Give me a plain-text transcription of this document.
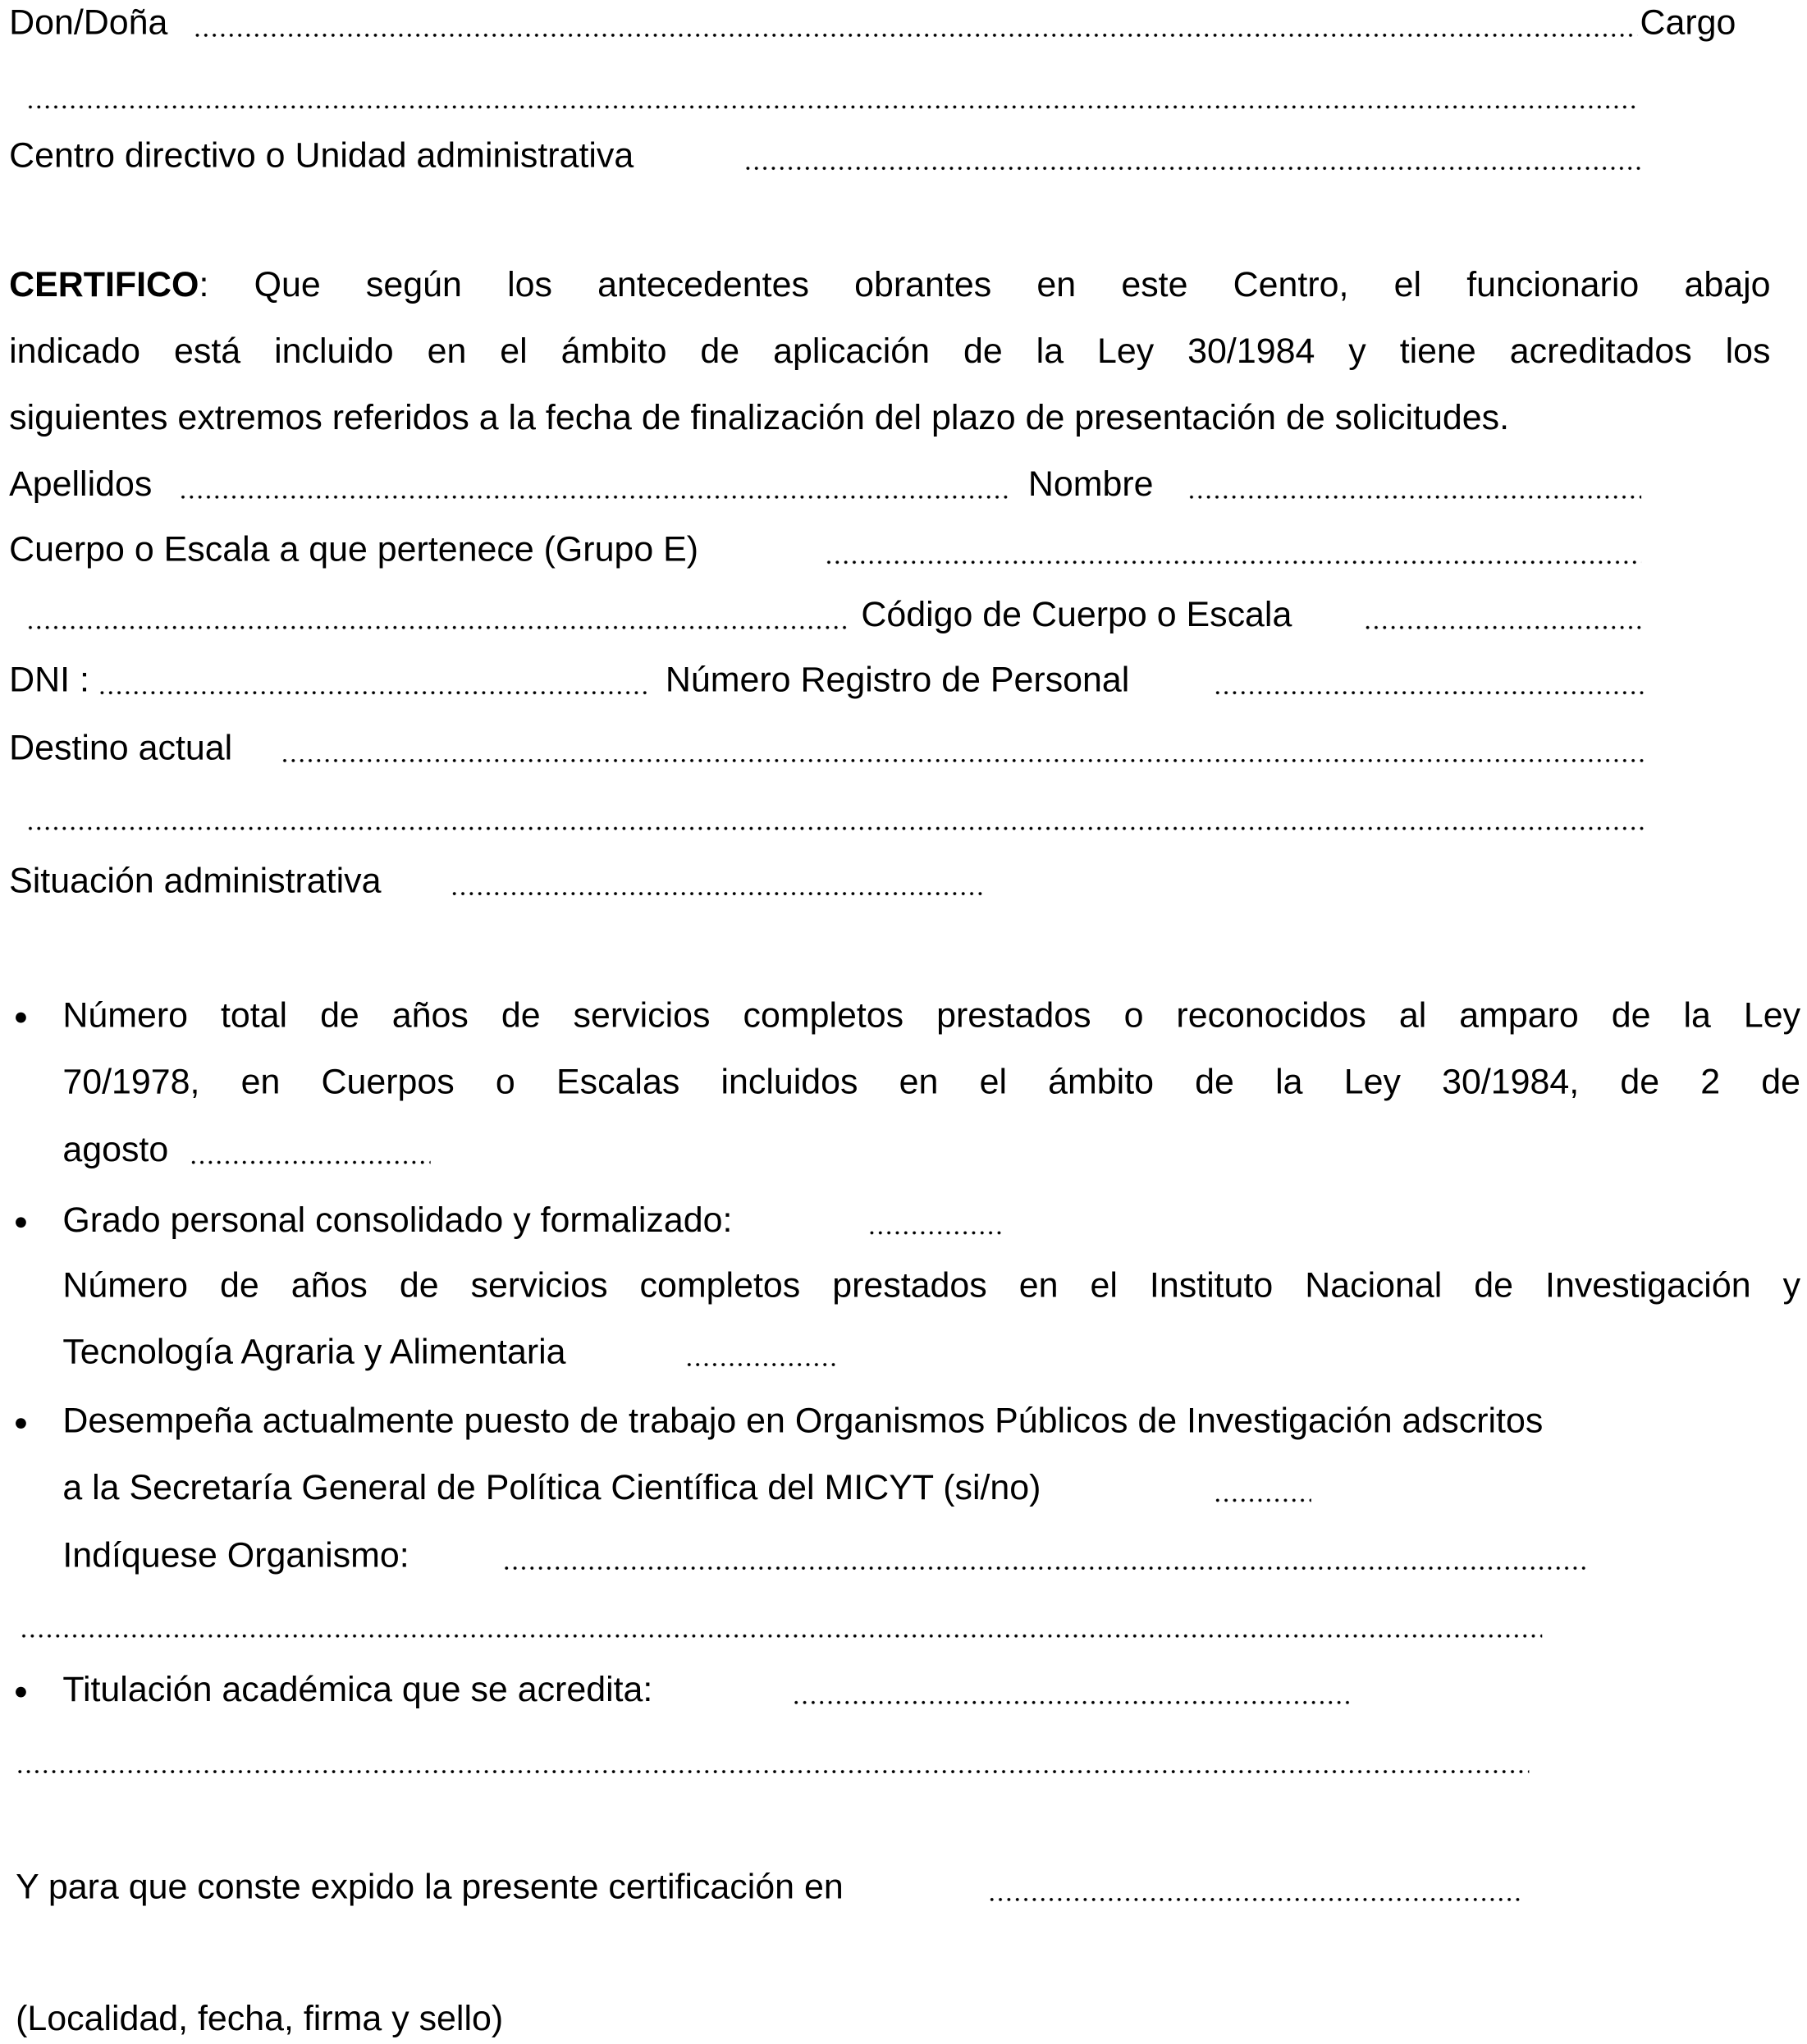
Don/Doña	Cargo
Centro directivo o Unidad administrativa
CERTIFICO: Que según los antecedentes obrantes en este Centro, el funcionario abajo
indicado está incluido en el ámbito de aplicación de la Ley 30/1984 y tiene acreditados los
siguientes extremos referidos a la fecha de finalización del plazo de presentación de solicitudes.
Apellidos	Nombre
Cuerpo o Escala a que pertenece (Grupo E)
Código de Cuerpo o Escala
DNI :	Número Registro de Personal
Destino actual
Situación administrativa
Número total de años de servicios completos prestados o reconocidos al amparo de la Ley
70/1978, en Cuerpos o Escalas incluidos en el ámbito de la Ley 30/1984, de 2 de
agosto
Grado personal consolidado y formalizado:
Número de años de servicios completos prestados en el Instituto Nacional de Investigación y
Tecnología Agraria y Alimentaria
Desempeña actualmente puesto de trabajo en Organismos Públicos de Investigación adscritos
a la Secretaría General de Política Científica del MICYT (si/no)
Indíquese Organismo:
Titulación académica que se acredita:
Y para que conste expido la presente certificación en
(Localidad, fecha, firma y sello)
